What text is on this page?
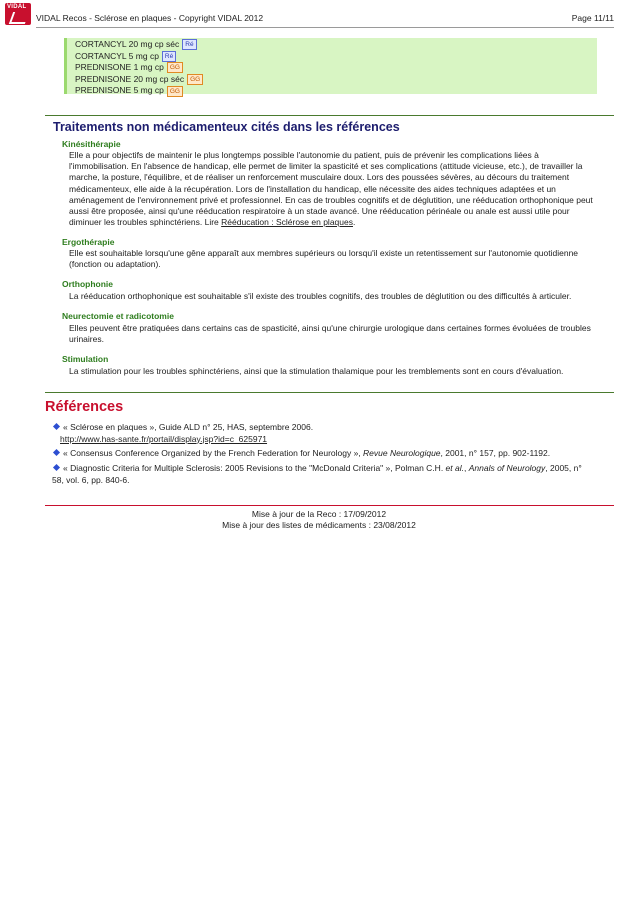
VIDAL
VIDAL Recos - Sclérose en plaques - Copyright VIDAL 2012	Page 11/11
CORTANCYL 20 mg cp séc Ré
CORTANCYL 5 mg cp Ré
PREDNISONE 1 mg cp GG
PREDNISONE 20 mg cp séc GG
PREDNISONE 5 mg cp GG
Traitements non médicamenteux cités dans les références
Kinésithérapie
Elle a pour objectifs de maintenir le plus longtemps possible l'autonomie du patient, puis de prévenir les complications liées à l'immobilisation. En l'absence de handicap, elle permet de limiter la spasticité et ses complications (attitude vicieuse, etc.), de travailler la marche, la posture, l'équilibre, et de réaliser un renforcement musculaire doux. Lors des poussées sévères, au décours du traitement médicamenteux, elle aide à la récupération. Lors de l'installation du handicap, elle nécessite des aides techniques adaptées et un aménagement de l'environnement privé et professionnel. En cas de troubles cognitifs et de déglutition, une rééducation orthophonique peut aussi être proposée, ainsi qu'une rééducation respiratoire à un stade avancé. Une rééducation périnéale ou anale est aussi utile pour diminuer les troubles sphinctériens. Lire Rééducation : Sclérose en plaques.
Ergothérapie
Elle est souhaitable lorsqu'une gêne apparaît aux membres supérieurs ou lorsqu'il existe un retentissement sur l'autonomie quotidienne (fonction ou adaptation).
Orthophonie
La rééducation orthophonique est souhaitable s'il existe des troubles cognitifs, des troubles de déglutition ou des difficultés à articuler.
Neurectomie et radicotomie
Elles peuvent être pratiquées dans certains cas de spasticité, ainsi qu'une chirurgie urologique dans certaines formes évoluées de troubles urinaires.
Stimulation
La stimulation pour les troubles sphinctériens, ainsi que la stimulation thalamique pour les tremblements sont en cours d'évaluation.
Références
« Sclérose en plaques », Guide ALD n° 25, HAS, septembre 2006.
http://www.has-sante.fr/portail/display.jsp?id=c_625971
« Consensus Conference Organized by the French Federation for Neurology », Revue Neurologique, 2001, n° 157, pp. 902-1192.
« Diagnostic Criteria for Multiple Sclerosis: 2005 Revisions to the "McDonald Criteria" », Polman C.H. et al., Annals of Neurology, 2005, n° 58, vol. 6, pp. 840-6.
Mise à jour de la Reco : 17/09/2012
Mise à jour des listes de médicaments : 23/08/2012
